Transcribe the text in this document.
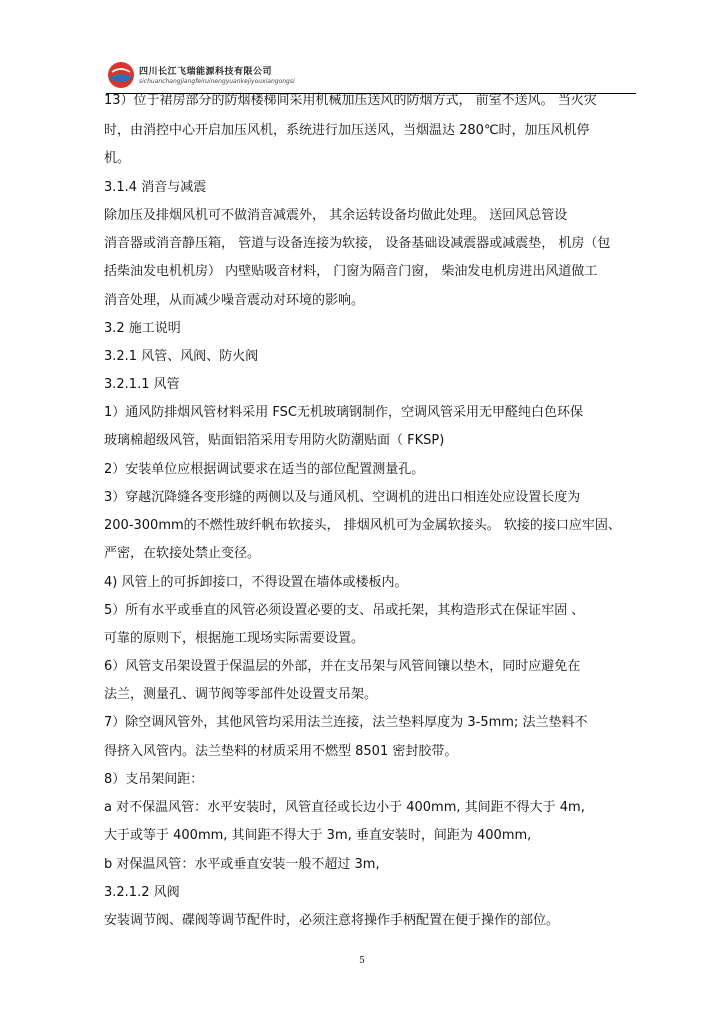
四川长江飞瑞能源科技有限公司
sichuanchangjiangfeiruinengyuankejiyouxiangongsi
13）位于裙房部分的防烟楼梯间采用机械加压送风的防烟方式， 前室不送风。 当火灾
时，由消控中心开启加压风机，系统进行加压送风，当烟温达 280℃时，加压风机停
机。
3.1.4 消音与减震
除加压及排烟风机可不做消音减震外， 其余运转设备均做此处理。 送回风总管设
消音器或消音静压箱， 管道与设备连接为软接， 设备基础设减震器或减震垫， 机房（包
括柴油发电机机房） 内壁贴吸音材料， 门窗为隔音门窗， 柴油发电机房进出风道做工
消音处理，从而减少噪音震动对环境的影响。
3.2 施工说明
3.2.1 风管、风阀、防火阀
3.2.1.1 风管
1）通风防排烟风管材料采用 FSC无机玻璃钢制作，空调风管采用无甲醛纯白色环保
玻璃棉超级风管，贴面铝箔采用专用防火防潮贴面（ FKSP)
2）安装单位应根据调试要求在适当的部位配置测量孔。
3）穿越沉降缝各变形缝的两侧以及与通风机、空调机的进出口相连处应设置长度为
200-300mm的不燃性玻纤帆布软接头， 排烟风机可为金属软接头。 软接的接口应牢固、
严密，在软接处禁止变径。
4) 风管上的可拆卸接口，不得设置在墙体或楼板内。
5）所有水平或垂直的风管必须设置必要的支、吊或托架，其构造形式在保证牢固 、
可靠的原则下，根据施工现场实际需要设置。
6）风管支吊架设置于保温层的外部，并在支吊架与风管间镶以垫木，同时应避免在
法兰，测量孔、调节阀等零部件处设置支吊架。
7）除空调风管外，其他风管均采用法兰连接，法兰垫料厚度为 3-5mm; 法兰垫料不
得挤入风管内。法兰垫料的材质采用不燃型 8501 密封胶带。
8）支吊架间距：
a 对不保温风管：水平安装时，风管直径或长边小于 400mm, 其间距不得大于 4m,
大于或等于 400mm, 其间距不得大于 3m, 垂直安装时，间距为 400mm,
b 对保温风管：水平或垂直安装一般不超过 3m,
3.2.1.2 风阀
安装调节阀、碟阀等调节配件时，必须注意将操作手柄配置在便于操作的部位。
5
